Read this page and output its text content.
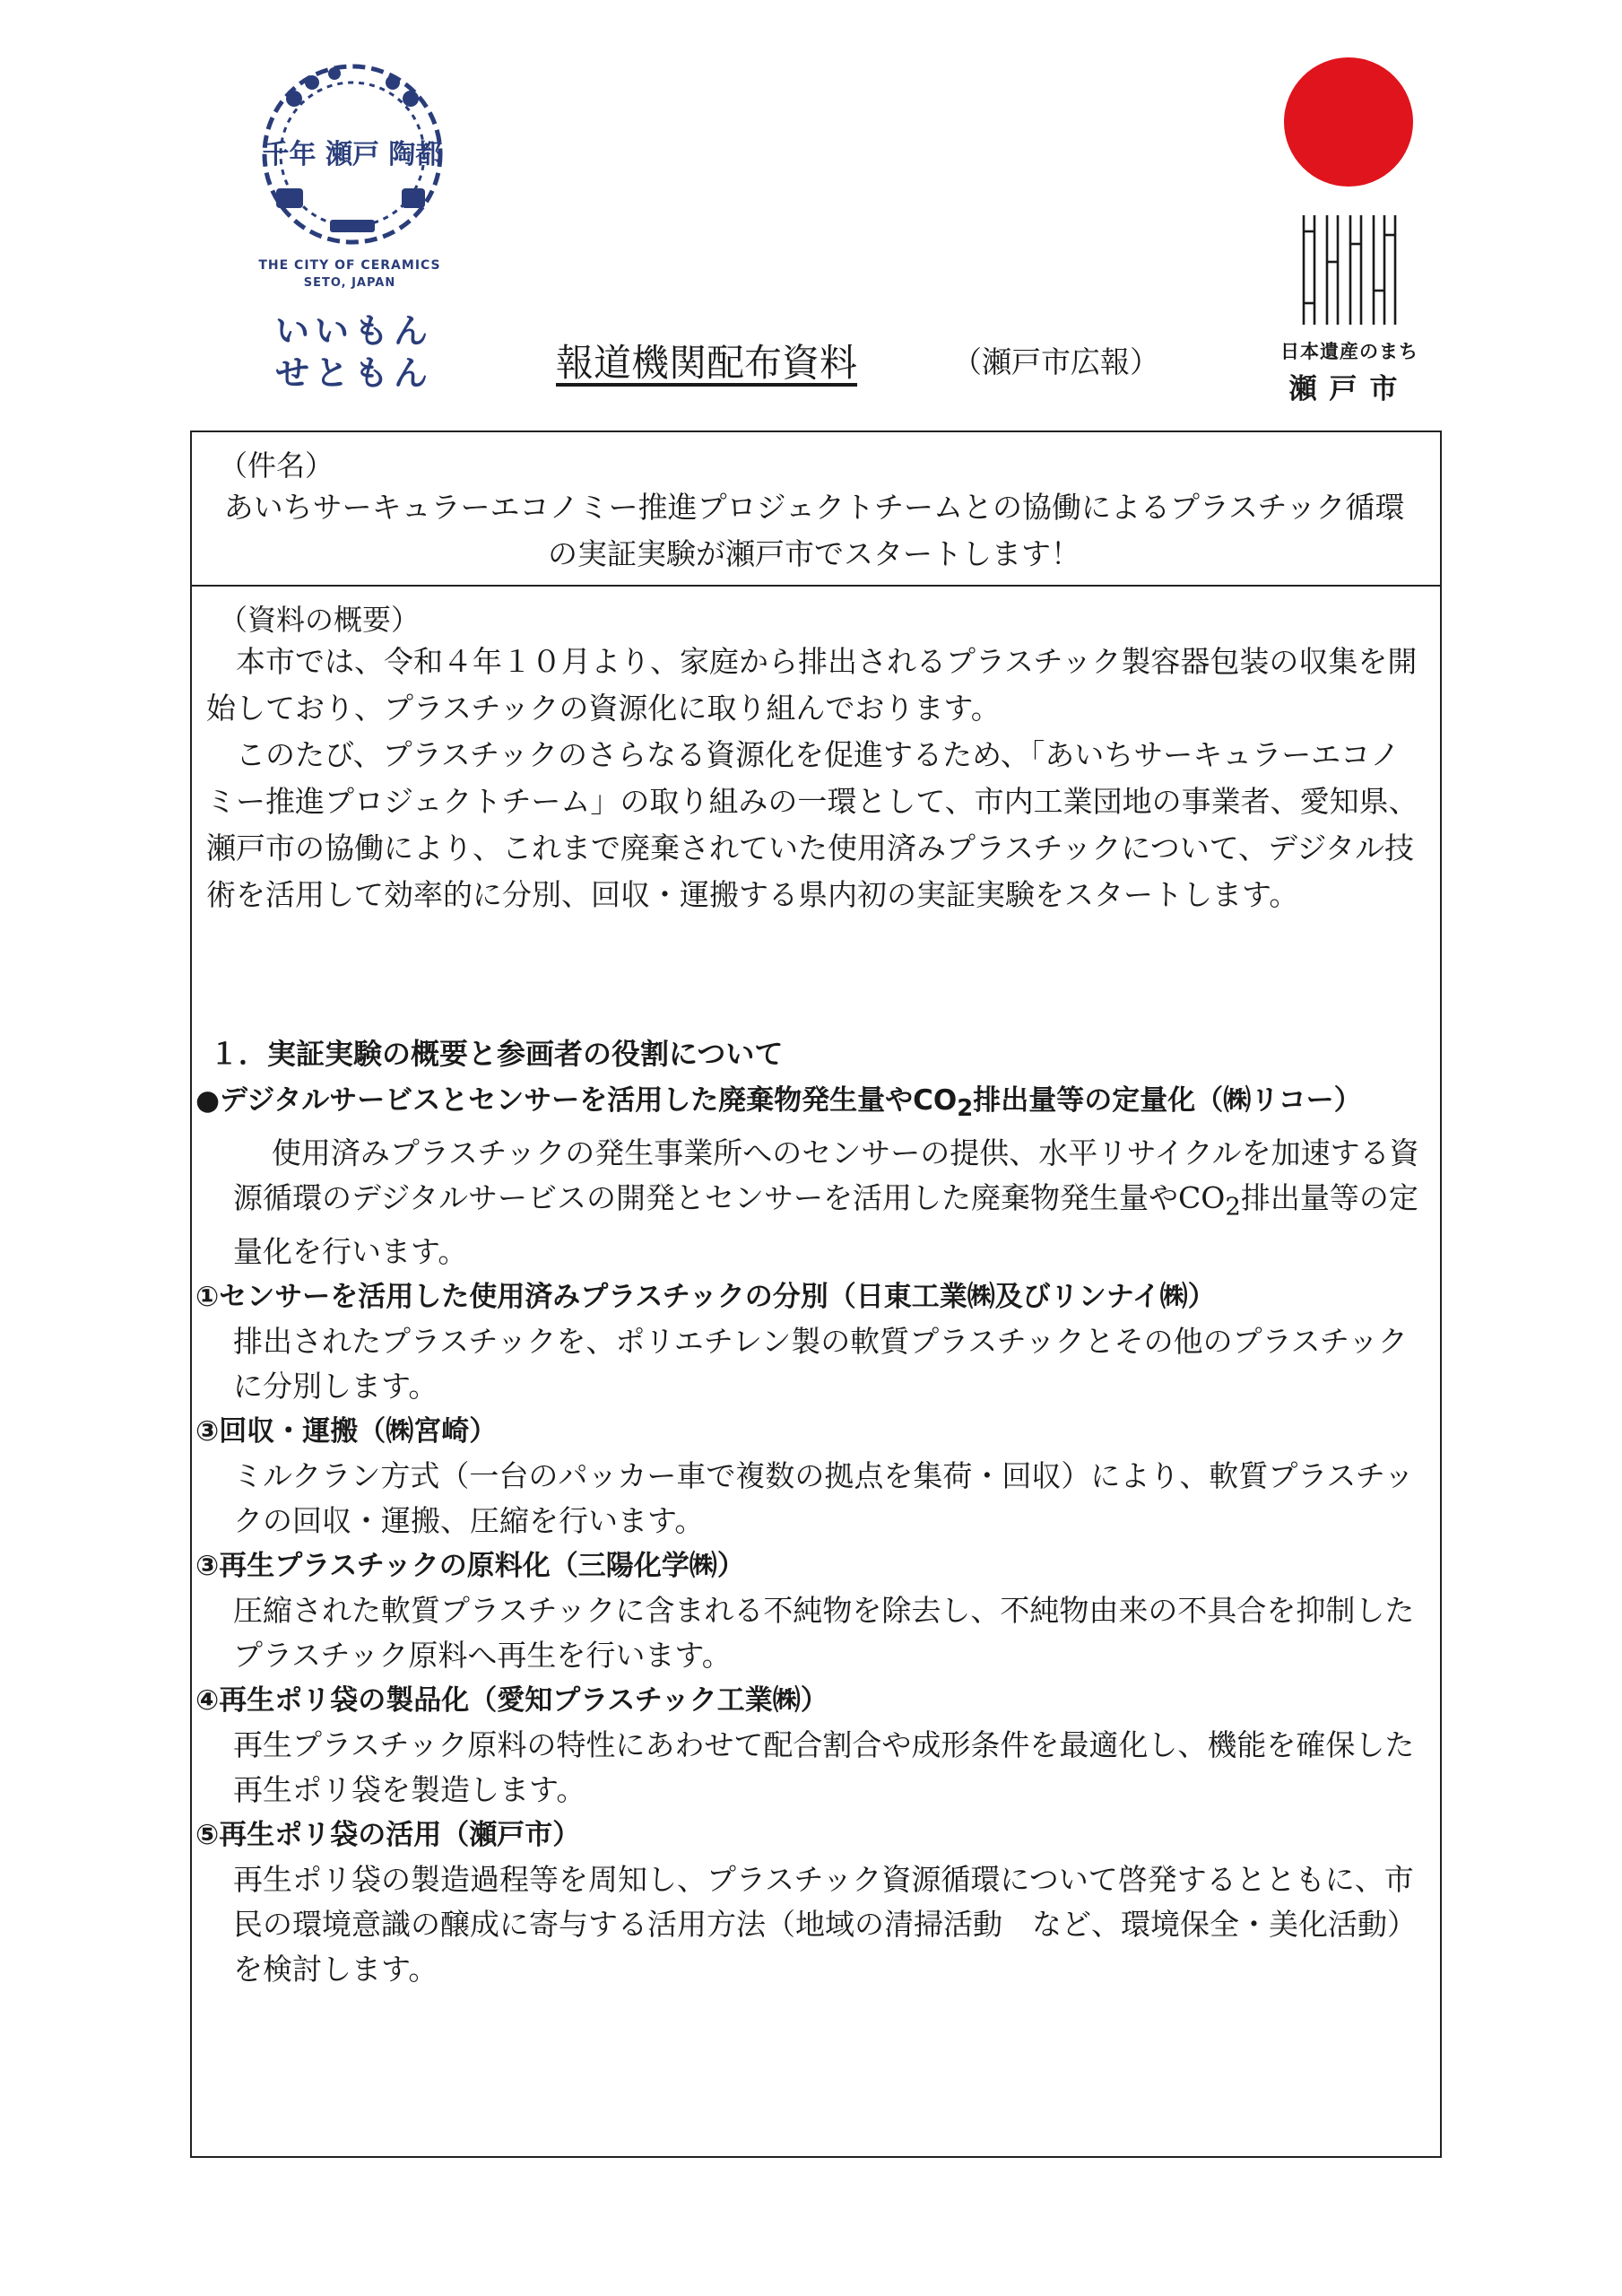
千年 瀬戸 陶都
THE CITY OF CERAMICS
SETO, JAPAN
いいもん
せともん	報道機関配布資料	（瀬戸市広報）
JAPAN HERITAGE
日本遺産のまち
瀬戸市
（件名）
あいちサーキュラーエコノミー推進プロジェクトチームとの協働によるプラスチック循環の実証実験が瀬戸市でスタートします！
（資料の概要）

本市では、令和４年１０月より、家庭から排出されるプラスチック製容器包装の収集を開始しており、プラスチックの資源化に取り組んでおります。

このたび、プラスチックのさらなる資源化を促進するため、「あいちサーキュラーエコノミー推進プロジェクトチーム」の取り組みの一環として、市内工業団地の事業者、愛知県、瀬戸市の協働により、これまで廃棄されていた使用済みプラスチックについて、デジタル技術を活用して効率的に分別、回収・運搬する県内初の実証実験をスタートします。

１．実証実験の概要と参画者の役割について
●デジタルサービスとセンサーを活用した廃棄物発生量や$CO_2$排出量等の定量化（㈱リコー）
使用済みプラスチックの発生事業所へのセンサーの提供、水平リサイクルを加速する資源循環のデジタルサービスの開発とセンサーを活用した廃棄物発生量や$CO_2$排出量等の定量化を行います。
①センサーを活用した使用済みプラスチックの分別（日東工業㈱及びリンナイ㈱）
排出されたプラスチックを、ポリエチレン製の軟質プラスチックとその他のプラスチックに分別します。
③回収・運搬（㈱宮崎）
ミルクラン方式（一台のパッカー車で複数の拠点を集荷・回収）により、軟質プラスチックの回収・運搬、圧縮を行います。
③再生プラスチックの原料化（三陽化学㈱）
圧縮された軟質プラスチックに含まれる不純物を除去し、不純物由来の不具合を抑制したプラスチック原料へ再生を行います。
④再生ポリ袋の製品化（愛知プラスチック工業㈱）
再生プラスチック原料の特性にあわせて配合割合や成形条件を最適化し、機能を確保した再生ポリ袋を製造します。
⑤再生ポリ袋の活用（瀬戸市）
再生ポリ袋の製造過程等を周知し、プラスチック資源循環について啓発するとともに、市民の環境意識の醸成に寄与する活用方法（地域の清掃活動　など、環境保全・美化活動）を検討します。
